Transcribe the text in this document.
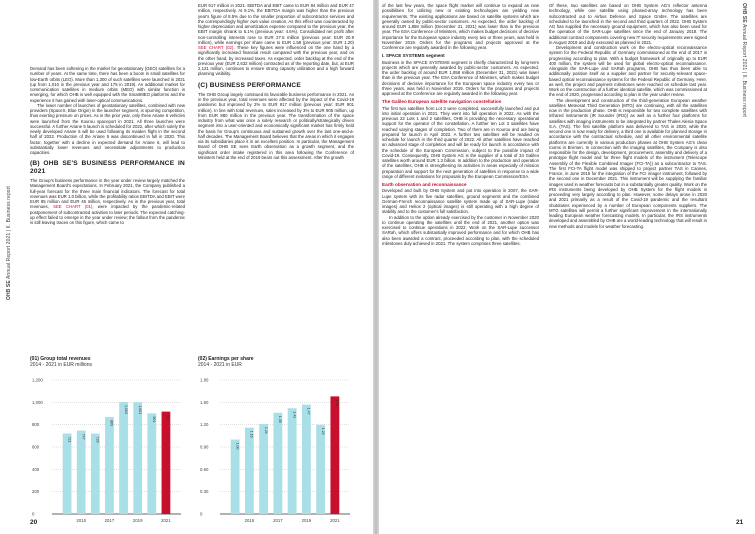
OHB SE Annual Report 2021 | II. Business report

Demand has been softening in the market for geostationary (GEO) satellites for a number of years. At the same time, there has been a boom in small satellites for low-Earth orbits (LEO). More than 1,300 of such satellites were launched in 2021 (up from 1,010 in the previous year and 175 in 2019). An additional market for communication satellites in medium orbits (MEO) with similar function is emerging, for which OHB is well equipped with the SmartMEO platforms and the experience it has gained with laser-optical communications.

The lower number of launches of geostationary satellites, combined with new providers (SpaceX, Blue Origin) in the launcher segment, is spurring competition, thus exerting pressure on prices. As in the prior year, only three Ariane 5 vehicles were launched from the Kourou spaceport in 2021. All three launches were successful. A further Ariane 5 launch is scheduled for 2022, after which solely the newly developed Ariane 6 will be used following its maiden flight in the second half of 2022. Production of the Ariane 5 was discontinued in full in 2020. This factor, together with a decline in expected demand for Ariane 6, will lead to substantially lower revenues and necessitate adjustments to production capacities.

(B) OHB SE'S BUSINESS PERFORMANCE IN 2021

The Group's business performance in the year under review largely matched the Management Board's expectations. In February 2021, the Company published a full-year forecast for the three main financial indicators. The forecast for total revenues was EUR 1.0 billion, while the profitability ratios EBITDA and EBIT were EUR 85 million and EUR 45 million, respectively. As in the previous year, total revenues, SEE CHART (01), were impacted by the pandemic-related postponement of subcontracted activities to later periods. The expected catching-up effect failed to emerge in the year under review; the fallout from the pandemic is still leaving traces on this figure, which came to

EUR 917 million in 2021. EBITDA and EBIT came to EUR 84 million and EUR 47 million, respectively. At 9.1%, the EBITDA margin was higher than the previous year's figure of 8.5% due to the smaller proportion of subcontractor services and the correspondingly higher own value creation. As this effect was counteracted by higher depreciation and amortization expense compared to the previous year, the EBIT margin shrank to 5.1% (previous year: 4.6%). Consolidated net profit after non-controlling interests rose to EUR 27.5 million (previous year: EUR 20.9 million), while earnings per share came to EUR 1.58 (previous year: EUR 1.20) SEE CHART (02). These key figures were influenced on the one hand by a significantly increased financial result compared with the previous year, and on the other hand, by increased taxes. As expected, order backlog at the end of the previous year (EUR 2,632 million) contracted as of the reporting date, but, at EUR 2,121 million, continues to ensure strong capacity utilization and a high forward planning visibility.

(C) BUSINESS PERFORMANCE

The OHB Group largely continued its favorable business performance in 2021. As in the previous year, total revenues were affected by the impact of the Covid-19 pandemic but improved by 2% to EUR 917 million (previous year: EUR 901 million). In line with total revenues, sales increased by 3% to EUR 905 million, up from EUR 880 million in the previous year. The transformation of the space industry from what was once a solely research or politically/strategically driven segment into a user-oriented and economically significant market has firmly held the basis for Group's continuous and sustained growth over the last one-and-a-half decades. The Management Board believes that the areas in which it engages via its subsidiaries place it in an excellent position. In particular, the Management Board of OHB SE sees Earth observation as a growth segment, and the significant order intake registered in this area following the Conference of Ministers held at the end of 2019 bears out this assessment. After the growth

(01) Group total revenues
2014 - 2021 in EUR millions
0
200
400
600
800
1,000
1,200
721	747
720
869
1,003	1,001
901	917
2015	2017	2019	2021
(02) Earnings per share
2014 - 2021 in EUR
0
0.30
0.60
0.90
1.20
1.50
1.80
1.00
1.16
1.21
1.36
1.42
1.47
1.20
1.58
2015	2017	2019	2021
20

of the last few years, the space flight market will continue to expand as new possibilities for utilizing new or existing technologies are yielding new requirements. The existing applications are based on satellite systems which are generally owned by public-sector customers. As expected, the order backlog of around EUR 1,858 million (December 31, 2021) was lower than in the previous year. The ESA Conference of Ministers, which makes budget decisions of decisive importance for the European space industry every two or three years, was held in November 2019. Orders for the programs and projects approved at the Conference are regularly awarded in the following year.

I. SPACE SYSTEMS segment

Business in the SPACE SYSTEMS segment is chiefly characterized by long-term projects which are generally awarded by public-sector customers. As expected, the order backlog of around EUR 1,858 million (December 31, 2021) was lower than in the previous year. The ESA Conference of Ministers, which makes budget decisions of decisive importance for the European space industry every two or three years, was held in November 2019. Orders for the programs and projects approved at the Conference are regularly awarded in the following year.

The Galileo European satellite navigation constellation

The first two satellites from Lot 3 were completed, successfully launched and put into initial operation in 2021. They went into full operation in 2022. As with the previous 22 Lots 1 and 2 satellites, OHB is providing the necessary operational support for the operator of the constellation. A further ten Lot 3 satellites have reached varying stages of completion. Two of them are in Kourou and are being prepared for launch in April 2022. A further two satellites will be readied on schedule for launch in the third quarter of 2022. All other satellites have reached an advanced stage of completion and will be ready for launch in accordance with the schedule of the European Commission, subject to the possible impact of Covid-19. Consequently, OHB System AG is the supplier of a total of 34 Galileo satellites worth around EUR 1.3 billion. In addition to the production and operation of the satellites, OHB is strengthening its activities in areas especially of mission preparation and support for the next generation of satellites in response to a wide range of different invitations for proposals by the European Commission/ESA.

Earth observation and reconnaissance

Developed and built by OHB System and put into operation in 2007, the SAR-Lupe system with its five radar satellites, ground segments and the combined German-French reconnaissance satellite system made up of SAR-Lupe (radar images) and Helios 2 (optical images) is still operating with a high degree of stability and to the customer's full satisfaction.

In addition to the option already exercised by the customer in November 2020 to continue operating the satellites until the end of 2021, another option was exercised to continue operations in 2022. Work on the SAR-Lupe successor SARah, which offers substantially improved performance and for which OHB has also been awarded a contract, proceeded according to plan, with the scheduled milestones duly achieved in 2021. The system comprises three satellites.

Of these, two satellites are based on OHB System AG's reflector antenna technology, while one satellite using phased-array technology has been subcontracted out to Airbus Defence and Space GmbH. The satellites are scheduled to be launched in the second and third quarters of 2022. OHB System AG has supplied the necessary ground equipment, which has also been used for the operation of the SAR-Lupe satellites since the end of January 2018. The additional contract components covering new IT security requirements were signed in August 2019 and duly executed as planned in 2021.

Development and construction work on the electro-optical reconnaissance system for the Federal Republic of Germany commissioned at the end of 2017 is progressing according to plan. With a budget framework of originally up to EUR 400 million, the system will be used for global electro-optical reconnaissance. Alongside the SAR-Lupe and SARah programs, OHB has thus been able to additionally position itself as a supplier and partner for security-relevant space-based optical reconnaissance systems for the Federal Republic of Germany. Here, as well, the project and payment milestones were reached on schedule last year. Work on the construction of a further identical satellite, which was commissioned at the end of 2020, progressed according to plan in the year under review.

The development and construction of the third-generation European weather satellites Meteosat Third Generation (MTG) are continuing, with all the satellites now in the production phase. OHB is responsible for two complete satellites with infrared instruments (IR Sounder (IRS)) as well as a further four platforms for satellites with imaging instruments to be integrated by partner Thales Alenia Space S.A. (TAS). The first satellite platform was delivered to TAS in 2020, while the second one is now ready for delivery, a third one is available for planned storage in accordance with the contractual schedule, and all other environmental satellite platforms are currently in various production phases at OHB System AG's clean rooms in Bremen. In connection with the imaging satellites, the Company is also responsible for the design, development, procurement, assembly and delivery of a prototype flight model and for three flight models of the instrument (Telescope Assembly of the Flexible Combined Imager (FCI-TA)) as a subcontractor to TAS. The first FCI-TA flight model was shipped to project partner TAS in Cannes, France, in June 2019 for the integration of the FCI imager instrument, followed by the second one in December 2021. This instrument will be supplying the familiar images used in weather forecasts but in a substantially greater quality. Work on the IRS instruments being developed by OHB System for the flight models is proceeding very largely according to plan. However, some delays arose in 2020 and 2021 primarily as a result of the Covid-19 pandemic and the resultant shutdowns experienced by a number of European components suppliers. The MTG satellites will permit a further significant improvement in the internationally leading European weather forecasting models. In particular, the IRS instruments developed and assembled by OHB are a world-leading technology that will result in new methods and models for weather forecasting.

OHB SE Annual Report 2021 | II. Business report
21
